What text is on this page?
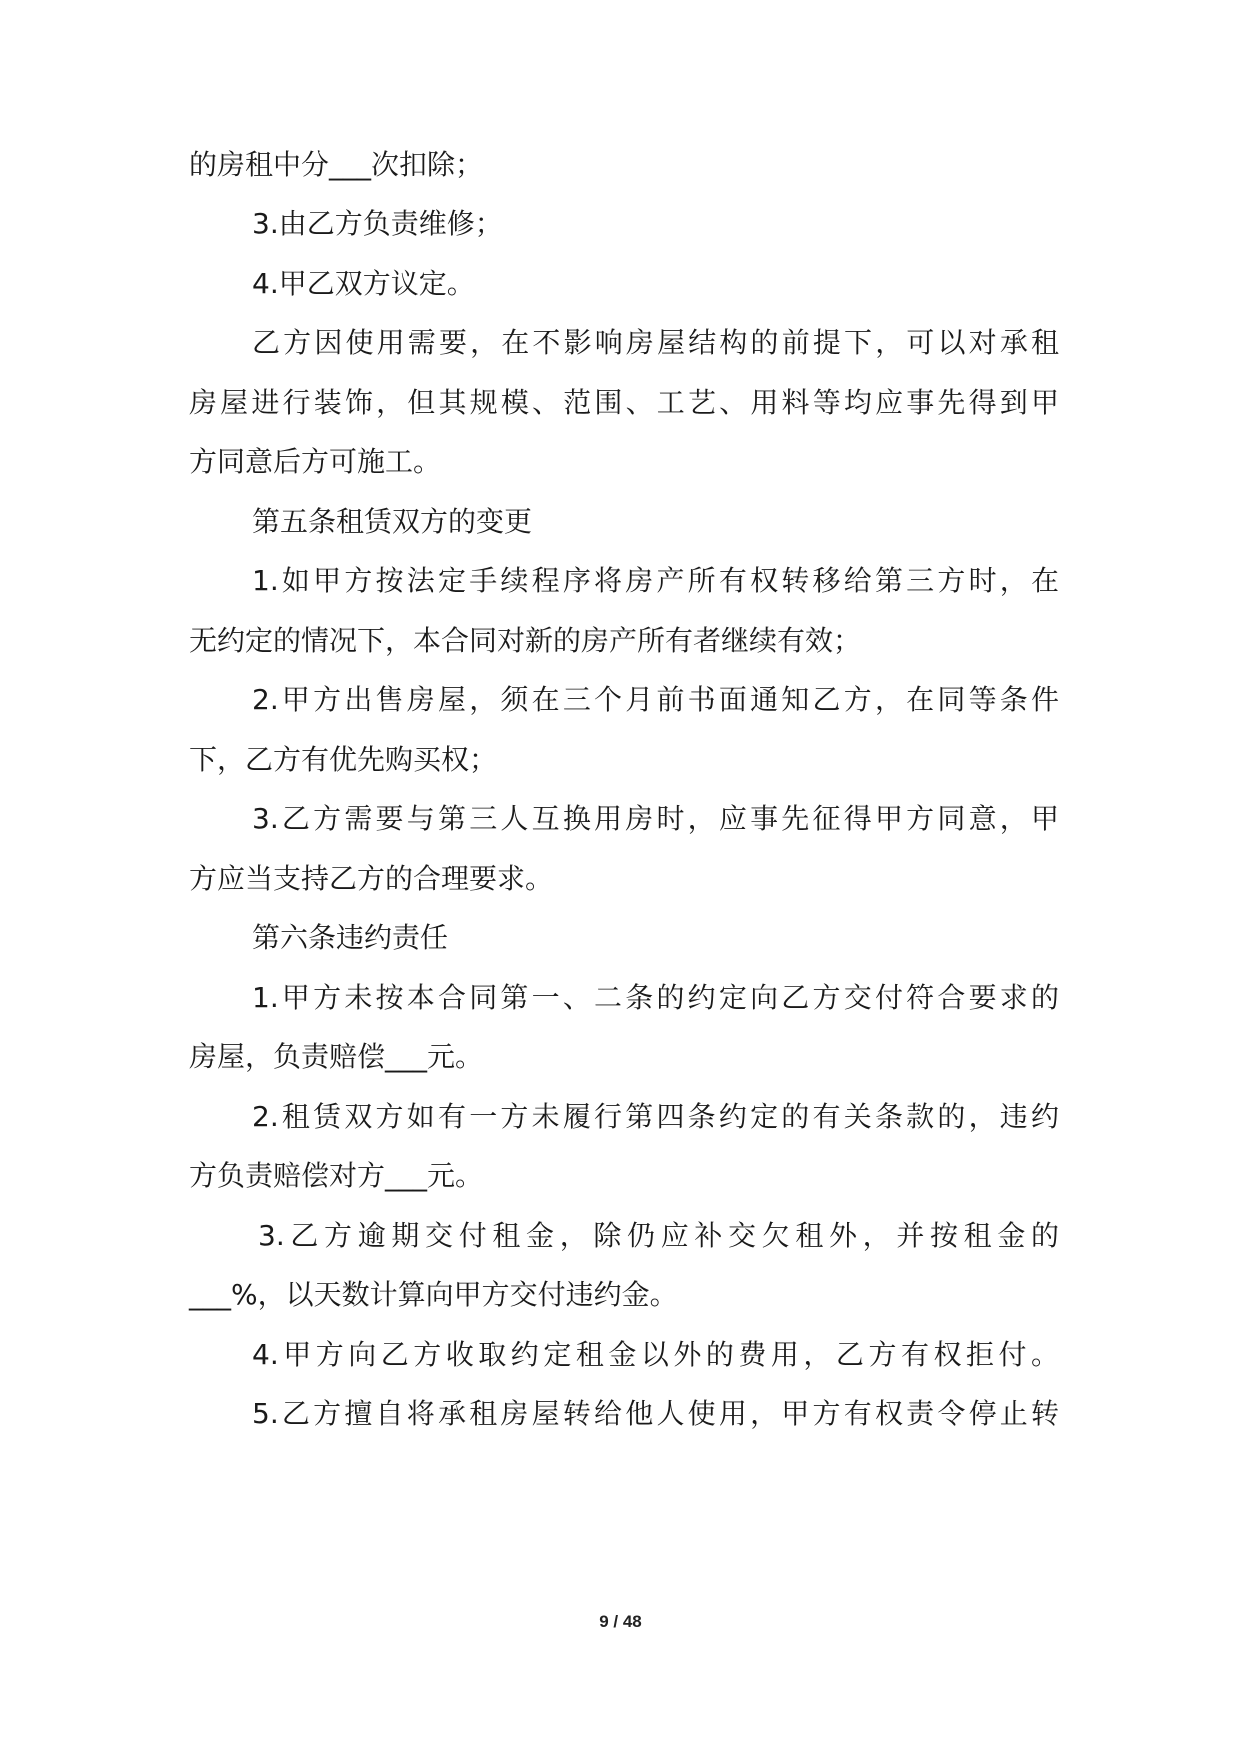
的房租中分___次扣除；
3.由乙方负责维修；
4.甲乙双方议定。
乙方因使用需要，在不影响房屋结构的前提下，可以对承租
房屋进行装饰，但其规模、范围、工艺、用料等均应事先得到甲
方同意后方可施工。
第五条租赁双方的变更
1.如甲方按法定手续程序将房产所有权转移给第三方时，在
无约定的情况下，本合同对新的房产所有者继续有效；
2.甲方出售房屋，须在三个月前书面通知乙方，在同等条件
下，乙方有优先购买权；
3.乙方需要与第三人互换用房时，应事先征得甲方同意，甲
方应当支持乙方的合理要求。
第六条违约责任
1.甲方未按本合同第一、二条的约定向乙方交付符合要求的
房屋，负责赔偿___元。
2.租赁双方如有一方未履行第四条约定的有关条款的，违约
方负责赔偿对方___元。
3.乙方逾期交付租金，除仍应补交欠租外，并按租金的
___%，以天数计算向甲方交付违约金。
4.甲方向乙方收取约定租金以外的费用，乙方有权拒付。
5.乙方擅自将承租房屋转给他人使用，甲方有权责令停止转
9 / 48
